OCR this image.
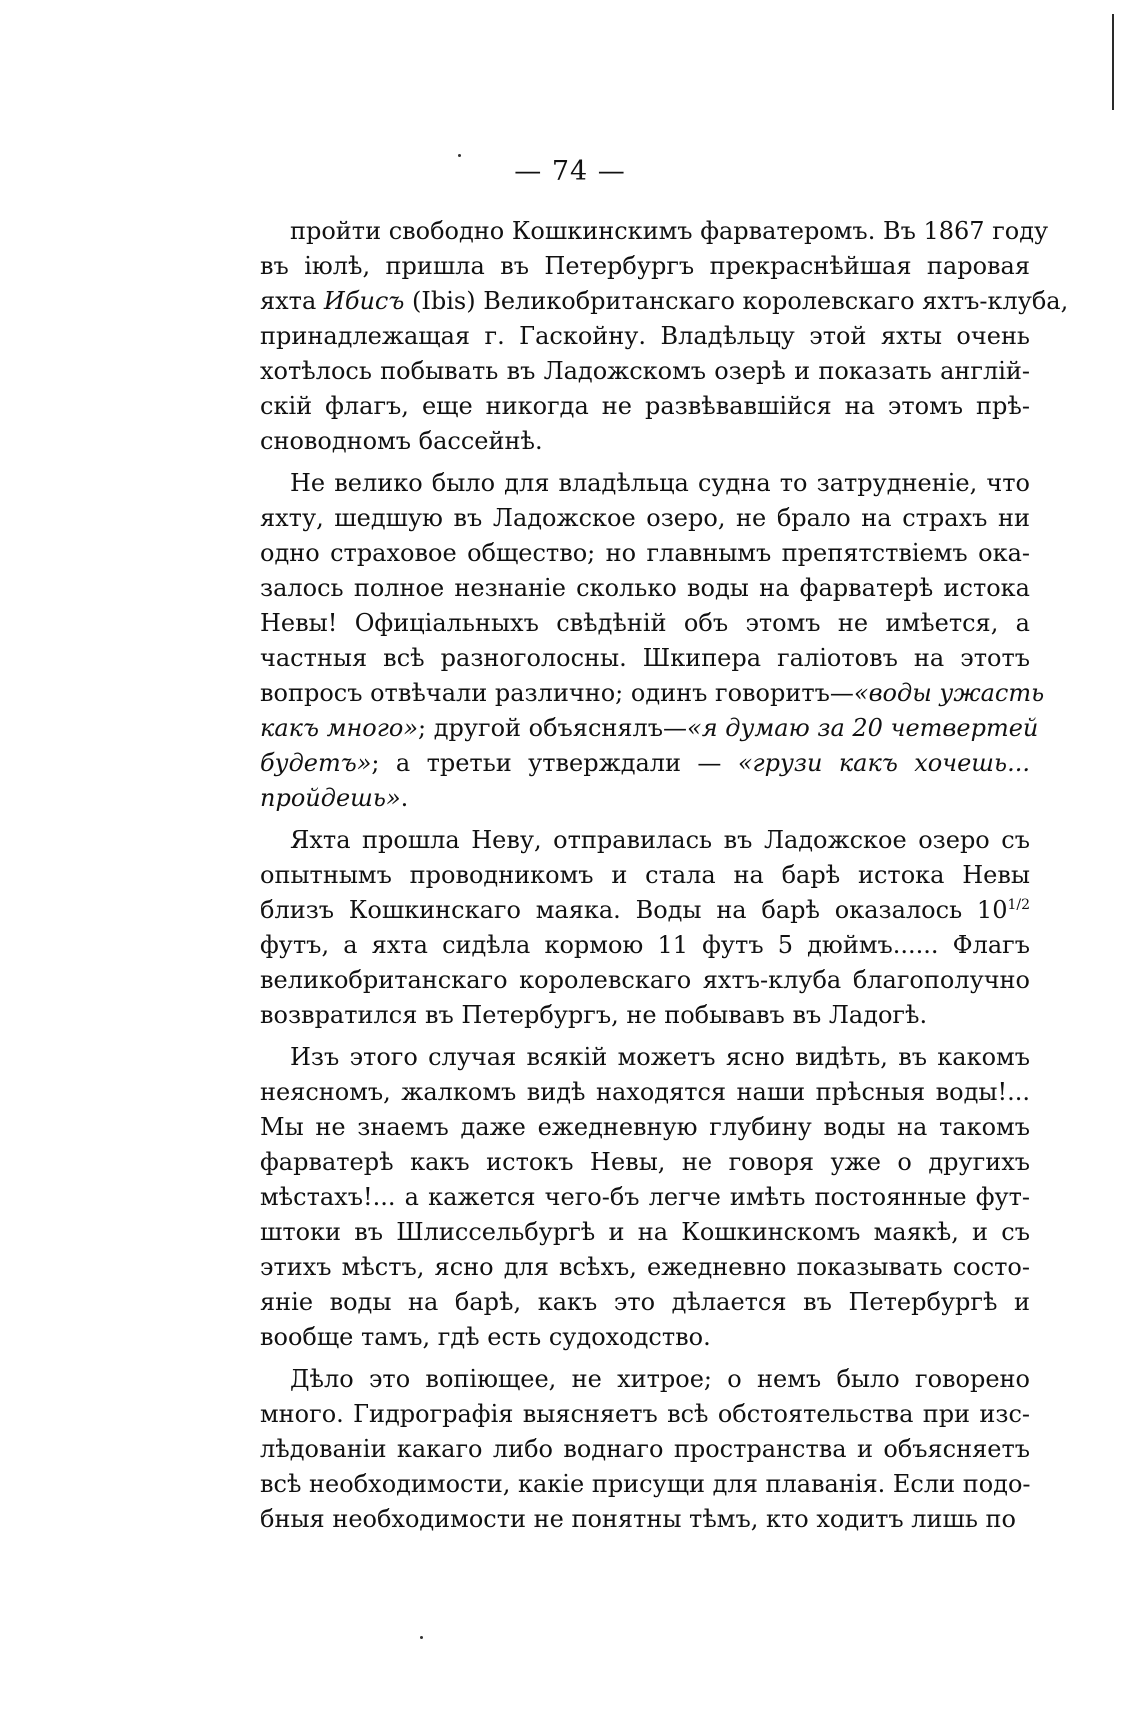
— 74 —
пройти свободно Кошкинскимъ фарватеромъ. Въ 1867 году
въ іюлѣ, пришла въ Петербургъ прекраснѣйшая паровая
яхта Ибисъ (Ibis) Великобританскаго королевскаго яхтъ-клуба,
принадлежащая г. Гаскойну. Владѣльцу этой яхты очень
хотѣлось побывать въ Ладожскомъ озерѣ и показать англій-
скій флагъ, еще никогда не развѣвавшійся на этомъ прѣ-
сноводномъ бассейнѣ.
Не велико было для владѣльца судна то затрудненіе, что
яхту, шедшую въ Ладожское озеро, не брало на страхъ ни
одно страховое общество; но главнымъ препятствіемъ ока-
залось полное незнаніе сколько воды на фарватерѣ истока
Невы! Офиціальныхъ свѣдѣній объ этомъ не имѣется, а
частныя всѣ разноголосны. Шкипера галіотовъ на этотъ
вопросъ отвѣчали различно; одинъ говоритъ—«воды ужасть
какъ много»; другой объяснялъ—«я думаю за 20 четвертей
будетъ»; а третьи утверждали — «грузи какъ хочешь...
пройдешь».
Яхта прошла Неву, отправилась въ Ладожское озеро съ
опытнымъ проводникомъ и стала на барѣ истока Невы
близъ Кошкинскаго маяка. Воды на барѣ оказалось $10^{1/2}$
футъ, а яхта сидѣла кормою 11 футъ 5 дюймъ...... Флагъ
великобританскаго королевскаго яхтъ-клуба благополучно
возвратился въ Петербургъ, не побывавъ въ Ладогѣ.
Изъ этого случая всякій можетъ ясно видѣть, въ какомъ
неясномъ, жалкомъ видѣ находятся наши прѣсныя воды!...
Мы не знаемъ даже ежедневную глубину воды на такомъ
фарватерѣ какъ истокъ Невы, не говоря уже о другихъ
мѣстахъ!... а кажется чего-бъ легче имѣть постоянные фут-
штоки въ Шлиссельбургѣ и на Кошкинскомъ маякѣ, и съ
этихъ мѣстъ, ясно для всѣхъ, ежедневно показывать состо-
яніе воды на барѣ, какъ это дѣлается въ Петербургѣ и
вообще тамъ, гдѣ есть судоходство.
Дѣло это вопіющее, не хитрое; о немъ было говорено
много. Гидрографія выясняетъ всѣ обстоятельства при изс-
лѣдованіи какаго либо воднаго пространства и объясняетъ
всѣ необходимости, какіе присущи для плаванія. Если подо-
бныя необходимости не понятны тѣмъ, кто ходитъ лишь по
